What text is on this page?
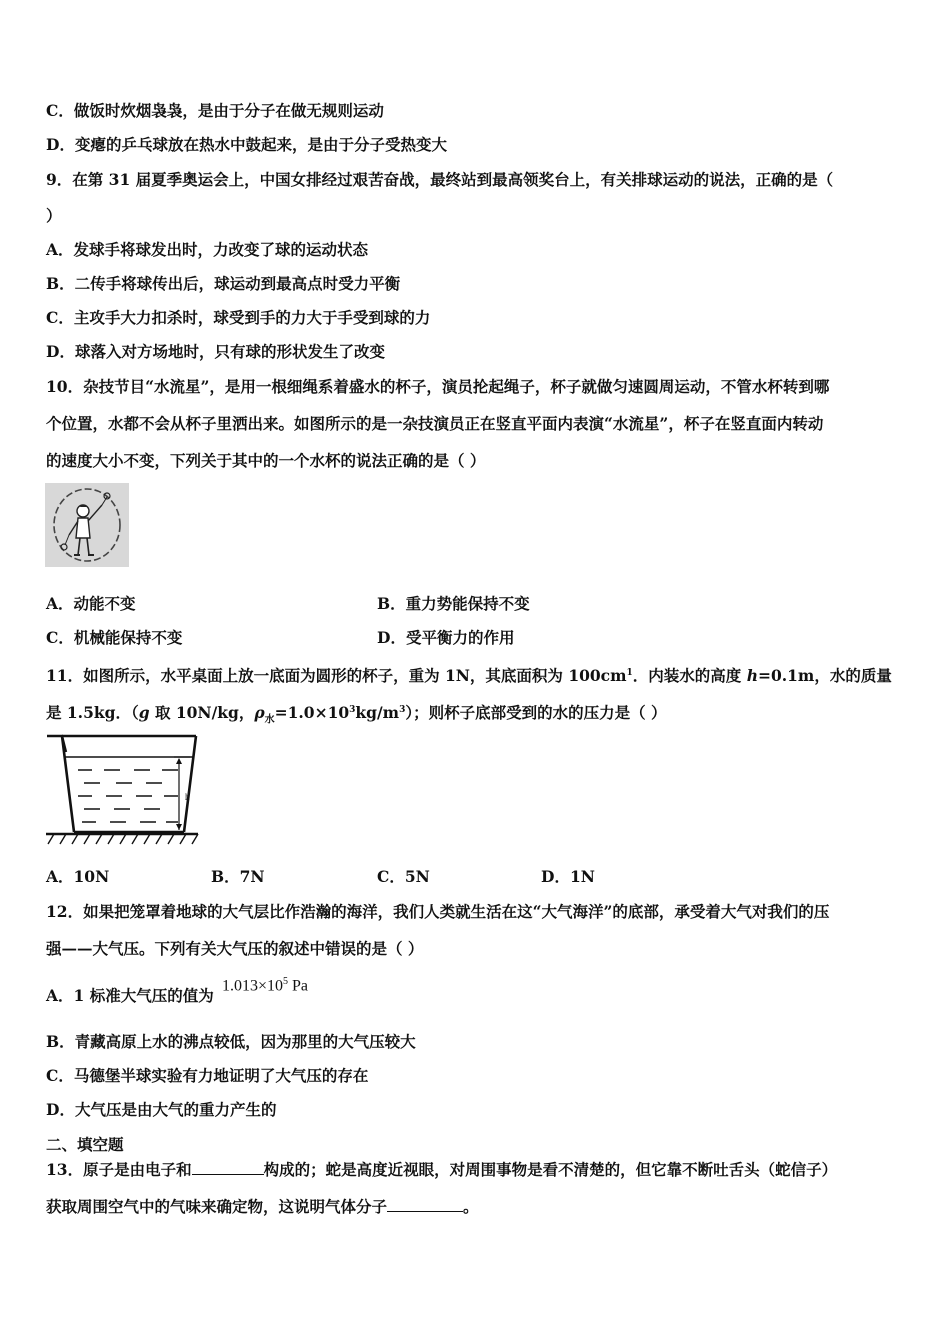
C．做饭时炊烟袅袅，是由于分子在做无规则运动
D．变瘪的乒乓球放在热水中鼓起来，是由于分子受热变大
9．在第 31 届夏季奥运会上，中国女排经过艰苦奋战，最终站到最高领奖台上，有关排球运动的说法，正确的是（
）
A．发球手将球发出时，力改变了球的运动状态
B．二传手将球传出后，球运动到最高点时受力平衡
C．主攻手大力扣杀时，球受到手的力大于手受到球的力
D．球落入对方场地时，只有球的形状发生了改变
10．杂技节目“水流星”，是用一根细绳系着盛水的杯子，演员抡起绳子，杯子就做匀速圆周运动，不管水杯转到哪
个位置，水都不会从杯子里洒出来。如图所示的是一杂技演员正在竖直平面内表演“水流星”，杯子在竖直面内转动
的速度大小不变，下列关于其中的一个水杯的说法正确的是（ ）
A．动能不变	B．重力势能保持不变
C．机械能保持不变	D．受平衡力的作用
11．如图所示，水平桌面上放一底面为圆形的杯子，重为 1N，其底面积为 $100cm^1$．内装水的高度 h=0.1m，水的质量
是 1.5kg．（g 取 10N/kg，$\rho_水=1.0\times 10^3kg/m^3$）；则杯子底部受到的水的压力是（ ）
h
A．10N	B．7N	C．5N	D．1N
12．如果把笼罩着地球的大气层比作浩瀚的海洋，我们人类就生活在这“大气海洋”的底部，承受着大气对我们的压
强——大气压。下列有关大气压的叙述中错误的是（ ）
A．1 标准大气压的值为
$1.013\times 10^5$ Pa
B．青藏高原上水的沸点较低，因为那里的大气压较大
C．马德堡半球实验有力地证明了大气压的存在
D．大气压是由大气的重力产生的
二、填空题
13．原子是由电子和	构成的；蛇是高度近视眼，对周围事物是看不清楚的，但它靠不断吐舌头（蛇信子）
获取周围空气中的气味来确定物，这说明气体分子	。
